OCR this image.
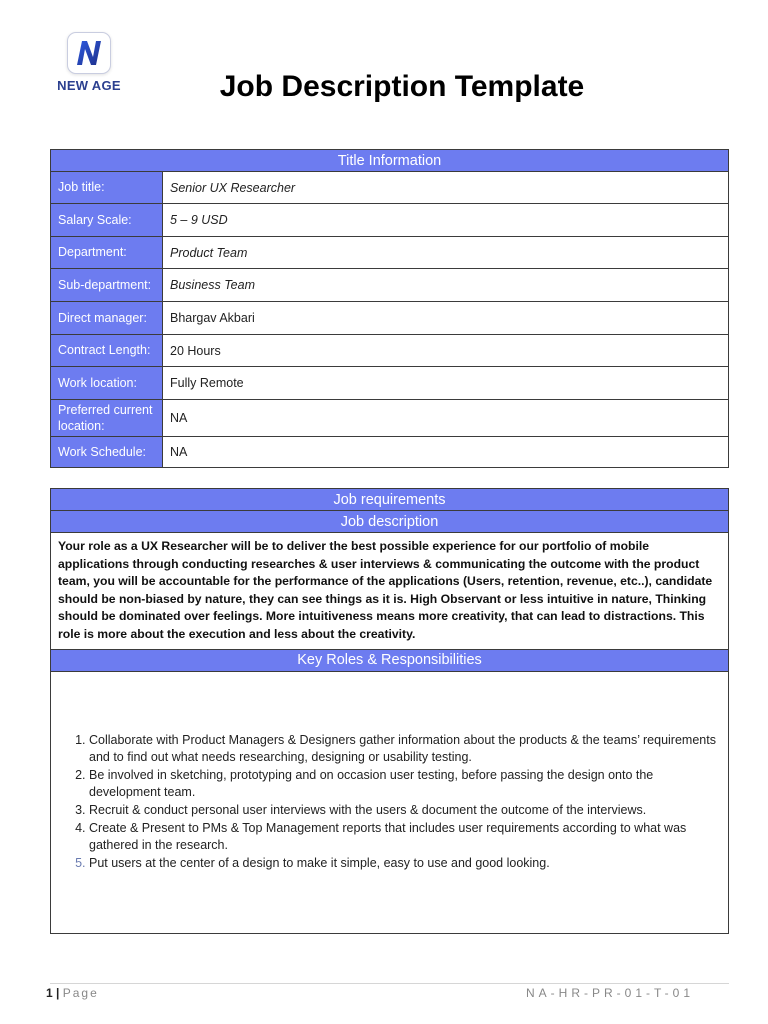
NEW AGE	Job Description Template
Title Information	
Job title:	Senior UX Researcher
Salary Scale:	5 – 9 USD
Department:	Product Team
Sub-department:	Business Team
Direct manager:	Bhargav Akbari
Contract Length:	20 Hours
Work location:	Fully Remote
Preferred current location:	NA
Work Schedule:	NA
Job requirements
Job description
Your role as a UX Researcher will be to deliver the best possible experience for our portfolio of mobile applications through conducting researches & user interviews & communicating the outcome with the product team, you will be accountable for the performance of the applications (Users, retention, revenue, etc..), candidate should be non-biased by nature, they can see things as it is. High Observant or less intuitive in nature, Thinking should be dominated over feelings. More intuitiveness means more creativity, that can lead to distractions. This role is more about the execution and less about the creativity.
Key Roles & Responsibilities

1. Collaborate with Product Managers & Designers gather information about the products & the teams’ requirements and to find out what needs researching, designing or usability testing.
2. Be involved in sketching, prototyping and on occasion user testing, before passing the design onto the development team.
3. Recruit & conduct personal user interviews with the users & document the outcome of the interviews.
4. Create & Present to PMs & Top Management reports that includes user requirements according to what was gathered in the research.
5. Put users at the center of a design to make it simple, easy to use and good looking.
1 | Page	NA-HR-PR-01-T-01
